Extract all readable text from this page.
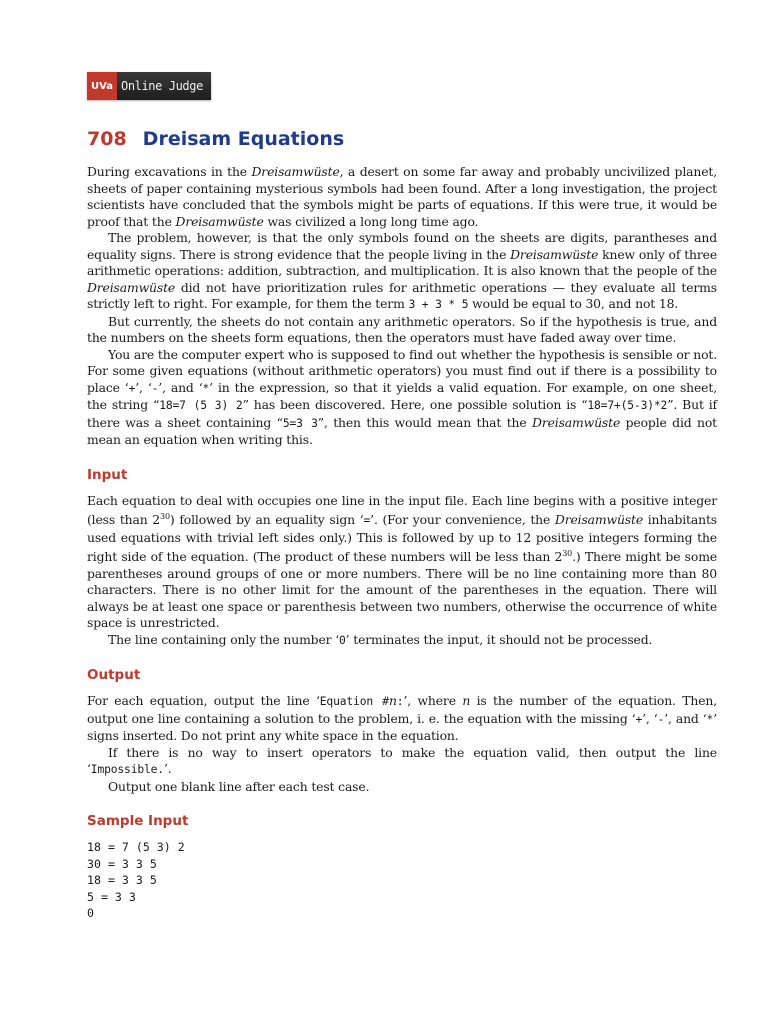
UVa Online Judge
708 Dreisam Equations

During excavations in the Dreisamwüste, a desert on some far away and probably uncivilized planet, sheets of paper containing mysterious symbols had been found. After a long investigation, the project scientists have concluded that the symbols might be parts of equations. If this were true, it would be proof that the Dreisamwüste was civilized a long long time ago.

The problem, however, is that the only symbols found on the sheets are digits, parantheses and equality signs. There is strong evidence that the people living in the Dreisamwüste knew only of three arithmetic operations: addition, subtraction, and multiplication. It is also known that the people of the Dreisamwüste did not have prioritization rules for arithmetic operations — they evaluate all terms strictly left to right. For example, for them the term 3 + 3 * 5 would be equal to 30, and not 18.

But currently, the sheets do not contain any arithmetic operators. So if the hypothesis is true, and the numbers on the sheets form equations, then the operators must have faded away over time.

You are the computer expert who is supposed to find out whether the hypothesis is sensible or not. For some given equations (without arithmetic operators) you must find out if there is a possibility to place ‘+’, ‘-’, and ‘*’ in the expression, so that it yields a valid equation. For example, on one sheet, the string “18=7 (5 3) 2” has been discovered. Here, one possible solution is “18=7+(5-3)*2”. But if there was a sheet containing “5=3 3”, then this would mean that the Dreisamwüste people did not mean an equation when writing this.

Input

Each equation to deal with occupies one line in the input file. Each line begins with a positive integer (less than $2^{30}$) followed by an equality sign ‘=’. (For your convenience, the Dreisamwüste inhabitants used equations with trivial left sides only.) This is followed by up to 12 positive integers forming the right side of the equation. (The product of these numbers will be less than $2^{30}$.) There might be some parentheses around groups of one or more numbers. There will be no line containing more than 80 characters. There is no other limit for the amount of the parentheses in the equation. There will always be at least one space or parenthesis between two numbers, otherwise the occurrence of white space is unrestricted.

The line containing only the number ‘0’ terminates the input, it should not be processed.

Output

For each equation, output the line ‘Equation #n:’, where n is the number of the equation. Then, output one line containing a solution to the problem, i. e. the equation with the missing ‘+’, ‘-’, and ‘*’ signs inserted. Do not print any white space in the equation.

If there is no way to insert operators to make the equation valid, then output the line ‘Impossible.’.

Output one blank line after each test case.

Sample Input
18 = 7 (5 3) 2
30 = 3 3 5
18 = 3 3 5
5 = 3 3
0
